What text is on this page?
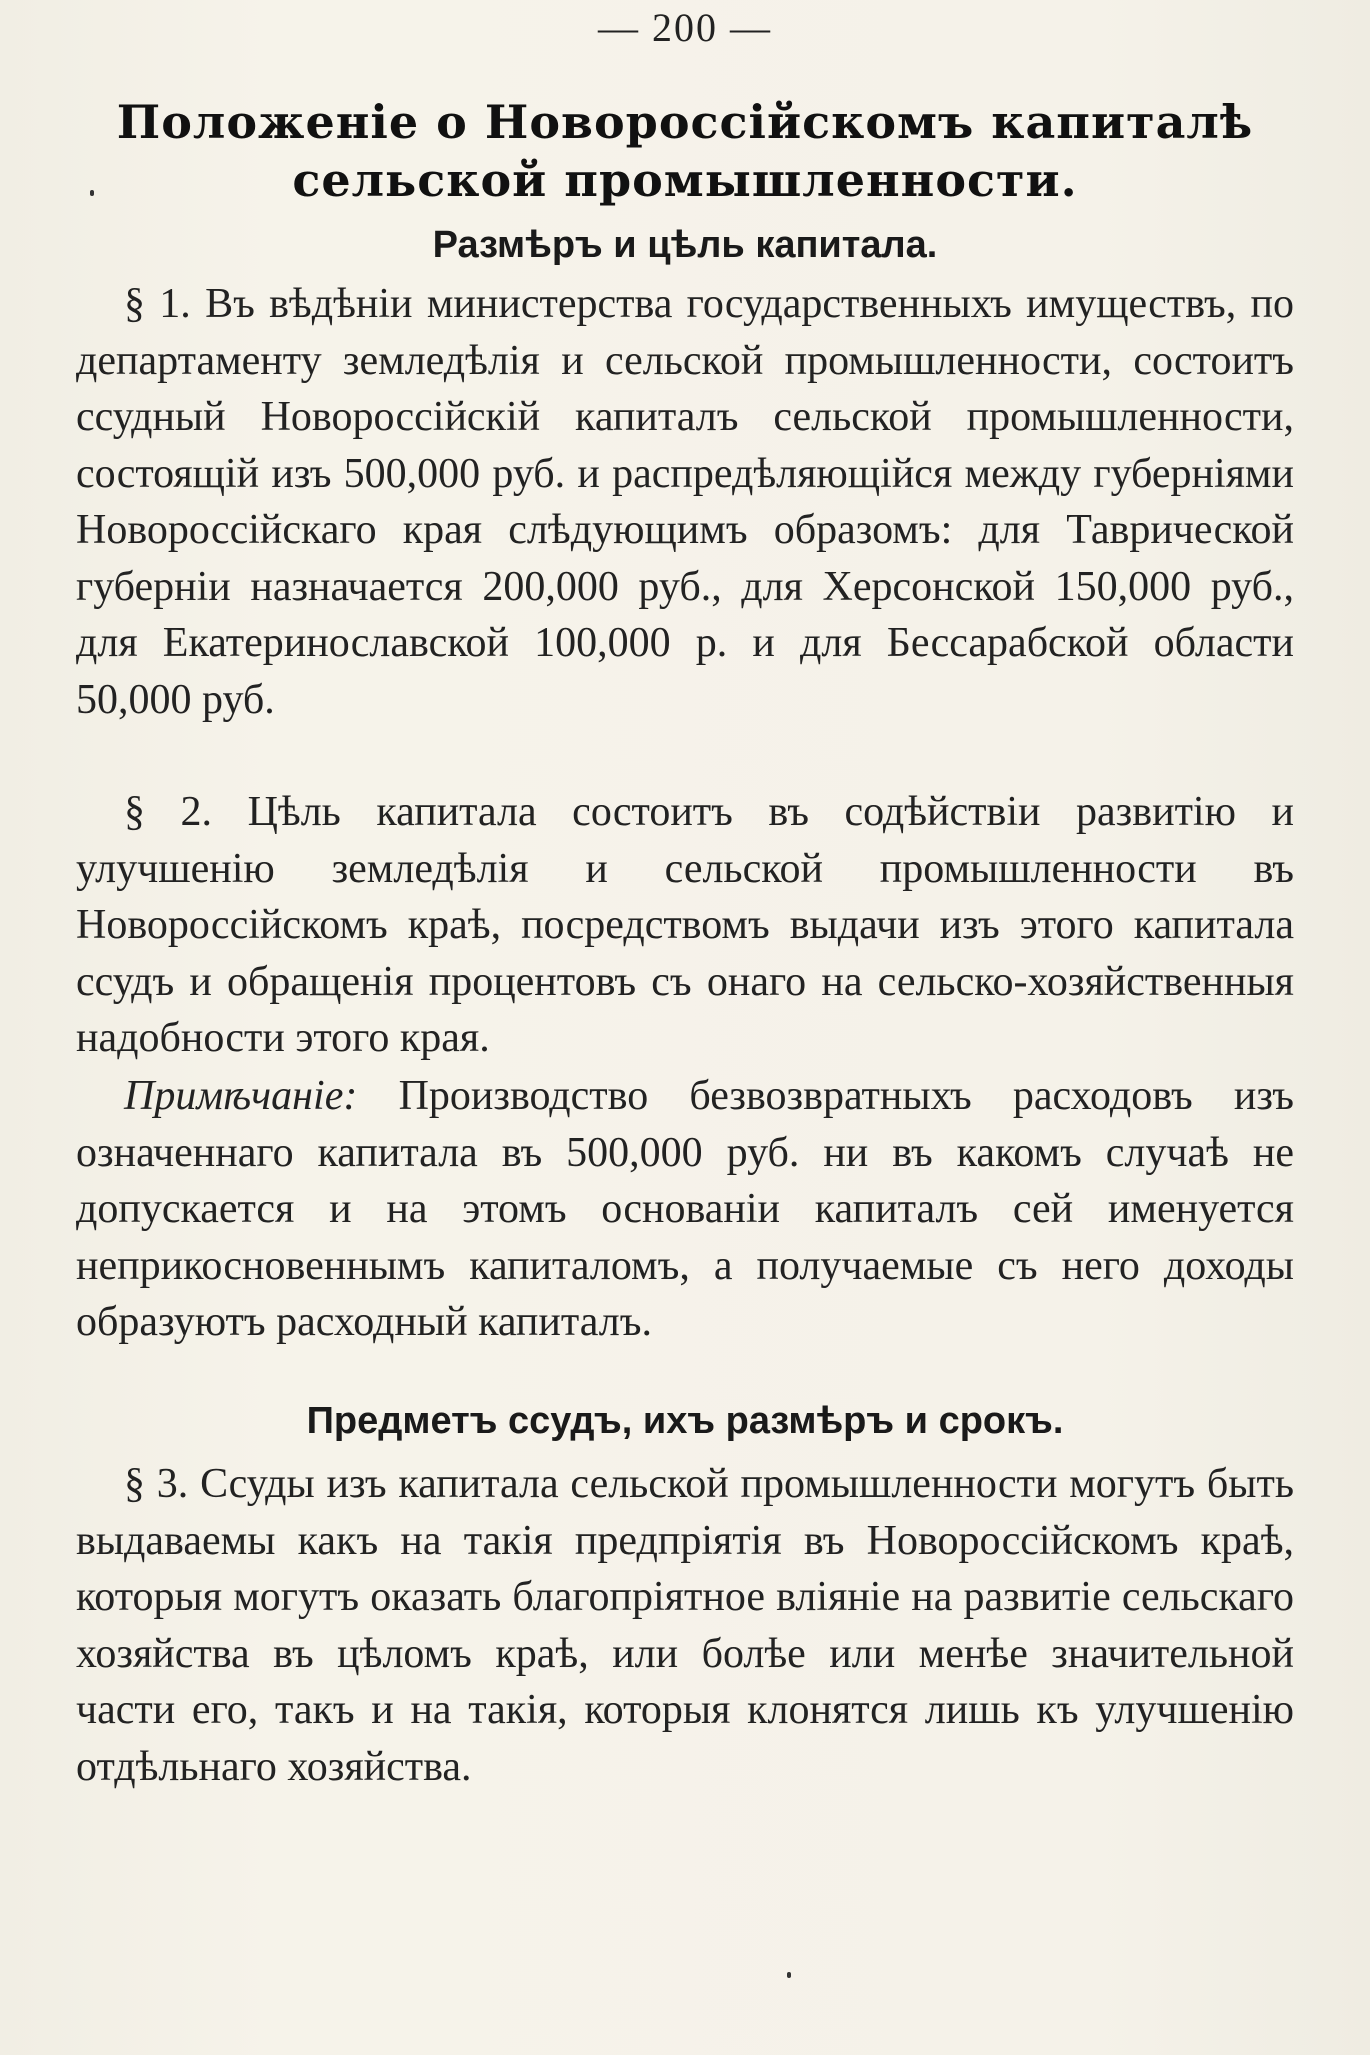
— 200 —
Положеніе о Новороссійскомъ капиталѣ
сельской промышленности.
Размѣръ и цѣль капитала.

§ 1. Въ вѣдѣніи министерства государственныхъ имуществъ, по департаменту земледѣлія и сельской промышленности, состоитъ ссудный Новороссійскій капиталъ сельской промышленности, состоящій изъ 500,000 руб. и распредѣляющійся между губерніями Новороссійскаго края слѣдующимъ образомъ: для Таврической губерніи назначается 200,000 руб., для Херсонской 150,000 руб., для Екатеринославской 100,000 р. и для Бессарабской области 50,000 руб.

§ 2. Цѣль капитала состоитъ въ содѣйствіи развитію и улучшенію земледѣлія и сельской промышленности въ Новороссійскомъ краѣ, посредствомъ выдачи изъ этого капитала ссудъ и обращенія процентовъ съ онаго на сельско-хозяйственныя надобности этого края.

Примѣчаніе: Производство безвозвратныхъ расходовъ изъ означеннаго капитала въ 500,000 руб. ни въ какомъ случаѣ не допускается и на этомъ основаніи капиталъ сей именуется неприкосновеннымъ капиталомъ, а получаемые съ него доходы образуютъ расходный капиталъ.

Предметъ ссудъ, ихъ размѣръ и срокъ.

§ 3. Ссуды изъ капитала сельской промышленности могутъ быть выдаваемы какъ на такія предпріятія въ Новороссійскомъ краѣ, которыя могутъ оказать благопріятное вліяніе на развитіе сельскаго хозяйства въ цѣломъ краѣ, или болѣе или менѣе значительной части его, такъ и на такія, которыя клонятся лишь къ улучшенію отдѣльнаго хозяйства.
